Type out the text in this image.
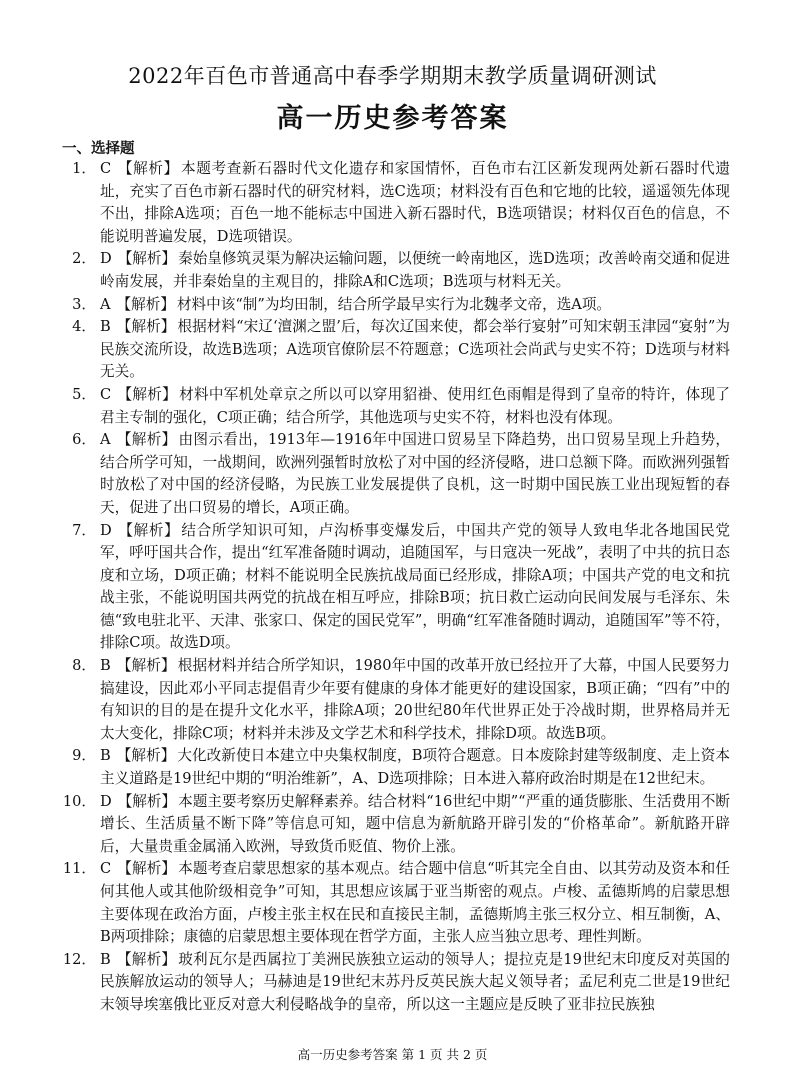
2022年百色市普通高中春季学期期末教学质量调研测试
高一历史参考答案
一、选择题
1． C 【解析】 本题考查新石器时代文化遗存和家国情怀，百色市右江区新发现两处新石器时代遗址，充实了百色市新石器时代的研究材料，选C选项；材料没有百色和它地的比较，遥遥领先体现不出，排除A选项；百色一地不能标志中国进入新石器时代，B选项错误；材料仅百色的信息，不能说明普遍发展，D选项错误。
2． D 【解析】 秦始皇修筑灵渠为解决运输问题，以便统一岭南地区，选D选项；改善岭南交通和促进岭南发展，并非秦始皇的主观目的，排除A和C选项；B选项与材料无关。
3． A 【解析】 材料中该“制”为均田制，结合所学最早实行为北魏孝文帝，选A项。
4． B 【解析】 根据材料“宋辽‘澶渊之盟’后，每次辽国来使，都会举行宴射”可知宋朝玉津园“宴射”为民族交流所设，故选B选项；A选项官僚阶层不符题意；C选项社会尚武与史实不符；D选项与材料无关。
5． C 【解析】 材料中军机处章京之所以可以穿用貂褂、使用红色雨帽是得到了皇帝的特许，体现了君主专制的强化，C项正确；结合所学，其他选项与史实不符，材料也没有体现。
6． A 【解析】 由图示看出，1913年—1916年中国进口贸易呈下降趋势，出口贸易呈现上升趋势，结合所学可知，一战期间，欧洲列强暂时放松了对中国的经济侵略，进口总额下降。而欧洲列强暂时放松了对中国的经济侵略，为民族工业发展提供了良机，这一时期中国民族工业出现短暂的春天，促进了出口贸易的增长，A项正确。
7． D 【解析】 结合所学知识可知，卢沟桥事变爆发后，中国共产党的领导人致电华北各地国民党军，呼吁国共合作，提出“红军准备随时调动，追随国军，与日寇决一死战”，表明了中共的抗日态度和立场，D项正确；材料不能说明全民族抗战局面已经形成，排除A项；中国共产党的电文和抗战主张，不能说明国共两党的抗战在相互呼应，排除B项；抗日救亡运动向民间发展与毛泽东、朱德“致电驻北平、天津、张家口、保定的国民党军”，明确“红军准备随时调动，追随国军”等不符，排除C项。故选D项。
8． B 【解析】 根据材料并结合所学知识，1980年中国的改革开放已经拉开了大幕，中国人民要努力搞建设，因此邓小平同志提倡青少年要有健康的身体才能更好的建设国家，B项正确；“四有”中的有知识的目的是在提升文化水平，排除A项；20世纪80年代世界正处于冷战时期，世界格局并无太大变化，排除C项；材料并未涉及文学艺术和科学技术，排除D项。故选B项。
9． B 【解析】 大化改新使日本建立中央集权制度，B项符合题意。日本废除封建等级制度、走上资本主义道路是19世纪中期的“明治维新”，A、D选项排除；日本进入幕府政治时期是在12世纪末。
10． D 【解析】 本题主要考察历史解释素养。结合材料“16世纪中期”“严重的通货膨胀、生活费用不断增长、生活质量不断下降”等信息可知，题中信息为新航路开辟引发的“价格革命”。新航路开辟后，大量贵重金属涌入欧洲，导致货币贬值、物价上涨。
11． C 【解析】 本题考查启蒙思想家的基本观点。结合题中信息“听其完全自由、以其劳动及资本和任何其他人或其他阶级相竞争”可知，其思想应该属于亚当斯密的观点。卢梭、孟德斯鸠的启蒙思想主要体现在政治方面，卢梭主张主权在民和直接民主制，孟德斯鸠主张三权分立、相互制衡，A、B两项排除；康德的启蒙思想主要体现在哲学方面，主张人应当独立思考、理性判断。
12． B 【解析】 玻利瓦尔是西属拉丁美洲民族独立运动的领导人；提拉克是19世纪末印度反对英国的民族解放运动的领导人；马赫迪是19世纪末苏丹反英民族大起义领导者；孟尼利克二世是19世纪末领导埃塞俄比亚反对意大利侵略战争的皇帝，所以这一主题应是反映了亚非拉民族独
高一历史参考答案 第 1 页 共 2 页
